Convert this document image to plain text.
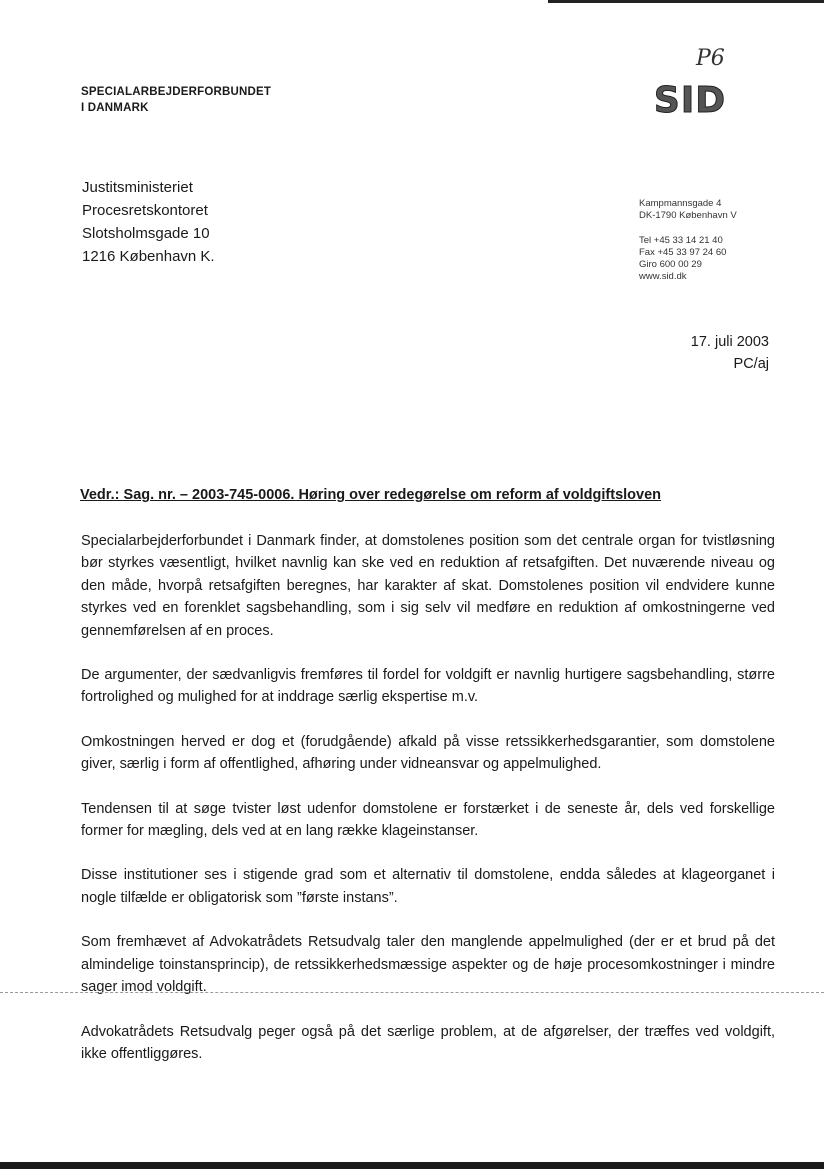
SPECIALARBEJDERFORBUNDET
I DANMARK
P6
SID
Justitsministeriet
Procesretskontoret
Slotsholmsgade 10
1216 København K.
Kampmannsgade 4
DK-1790 København V
Tel +45 33 14 21 40
Fax +45 33 97 24 60
Giro 600 00 29
www.sid.dk
17. juli 2003
PC/aj
Vedr.: Sag. nr. – 2003-745-0006. Høring over redegørelse om reform af voldgiftsloven

Specialarbejderforbundet i Danmark finder, at domstolenes position som det centrale organ for tvistløsning bør styrkes væsentligt, hvilket navnlig kan ske ved en reduktion af retsafgiften. Det nuværende niveau og den måde, hvorpå retsafgiften beregnes, har karakter af skat. Domstolenes position vil endvidere kunne styrkes ved en forenklet sagsbehandling, som i sig selv vil medføre en reduktion af omkostningerne ved gennemførelsen af en proces.

De argumenter, der sædvanligvis fremføres til fordel for voldgift er navnlig hurtigere sagsbehandling, større fortrolighed og mulighed for at inddrage særlig ekspertise m.v.

Omkostningen herved er dog et (forudgående) afkald på visse retssikkerhedsgarantier, som domstolene giver, særlig i form af offentlighed, afhøring under vidneansvar og appelmulighed.

Tendensen til at søge tvister løst udenfor domstolene er forstærket i de seneste år, dels ved forskellige former for mægling, dels ved at en lang række klageinstanser.

Disse institutioner ses i stigende grad som et alternativ til domstolene, endda således at klageorganet i nogle tilfælde er obligatorisk som ”første instans”.

Som fremhævet af Advokatrådets Retsudvalg taler den manglende appelmulighed (der er et brud på det almindelige toinstansprincip), de retssikkerhedsmæssige aspekter og de høje procesomkostninger i mindre sager imod voldgift.

Advokatrådets Retsudvalg peger også på det særlige problem, at de afgørelser, der træffes ved voldgift, ikke offentliggøres.
